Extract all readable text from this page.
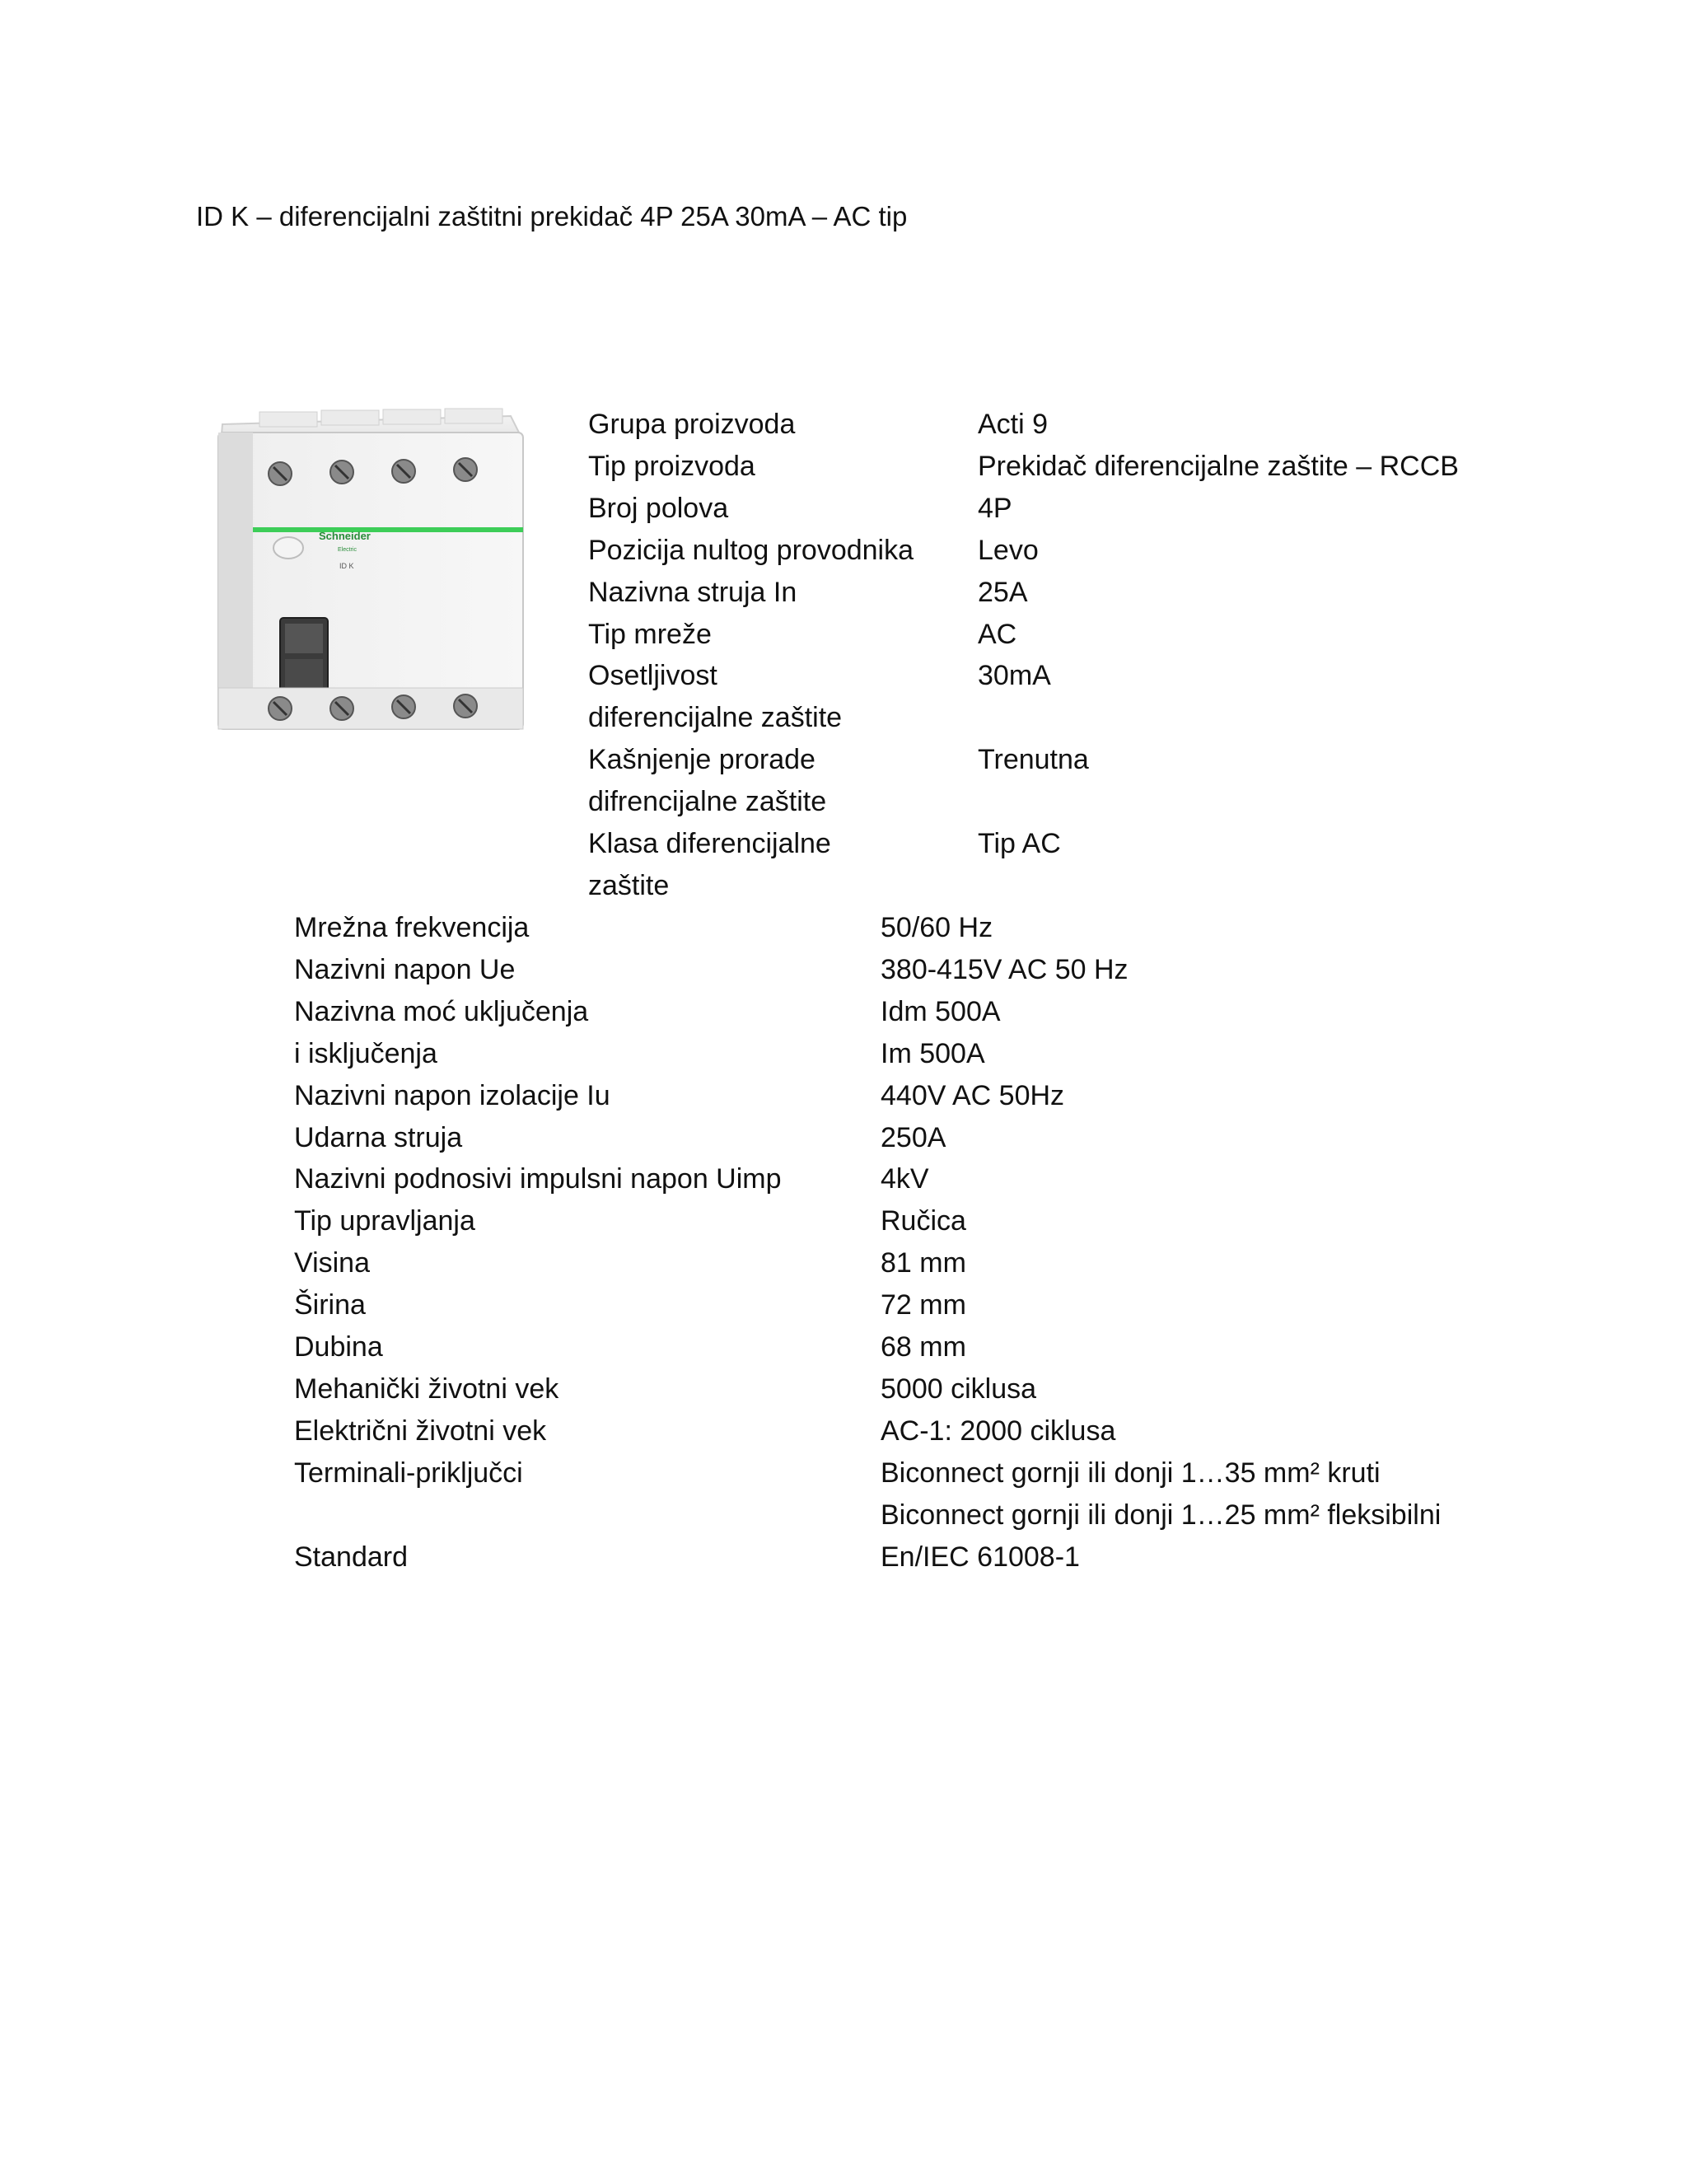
ID K – diferencijalni zaštitni prekidač 4P 25A 30mA – AC tip
Schneider
Electric
ID K
Grupa proizvoda	Acti 9
Tip proizvoda	Prekidač diferencijalne zaštite – RCCB
Broj polova	4P
Pozicija nultog provodnika Levo
Nazivna struja In	25A
Tip mreže	AC
Osetljivost	30mA
diferencijalne zaštite
Kašnjenje prorade	Trenutna
difrencijalne zaštite
Klasa diferencijalne	Tip AC
zaštite
Mrežna frekvencija	50/60 Hz
Nazivni napon Ue	380-415V AC 50 Hz
Nazivna moć uključenja	Idm 500A
i isključenja	Im 500A
Nazivni napon izolacije Iu	440V AC 50Hz
Udarna struja	250A
Nazivni podnosivi impulsni napon Uimp	4kV
Tip upravljanja	Ručica
Visina	81 mm
Širina	72 mm
Dubina	68 mm
Mehanički životni vek	5000 ciklusa
Električni životni vek	AC-1: 2000 ciklusa
Terminali-priključci	Biconnect gornji ili donji 1…35 mm² kruti
Biconnect gornji ili donji 1…25 mm² fleksibilni
Standard	En/IEC 61008-1
